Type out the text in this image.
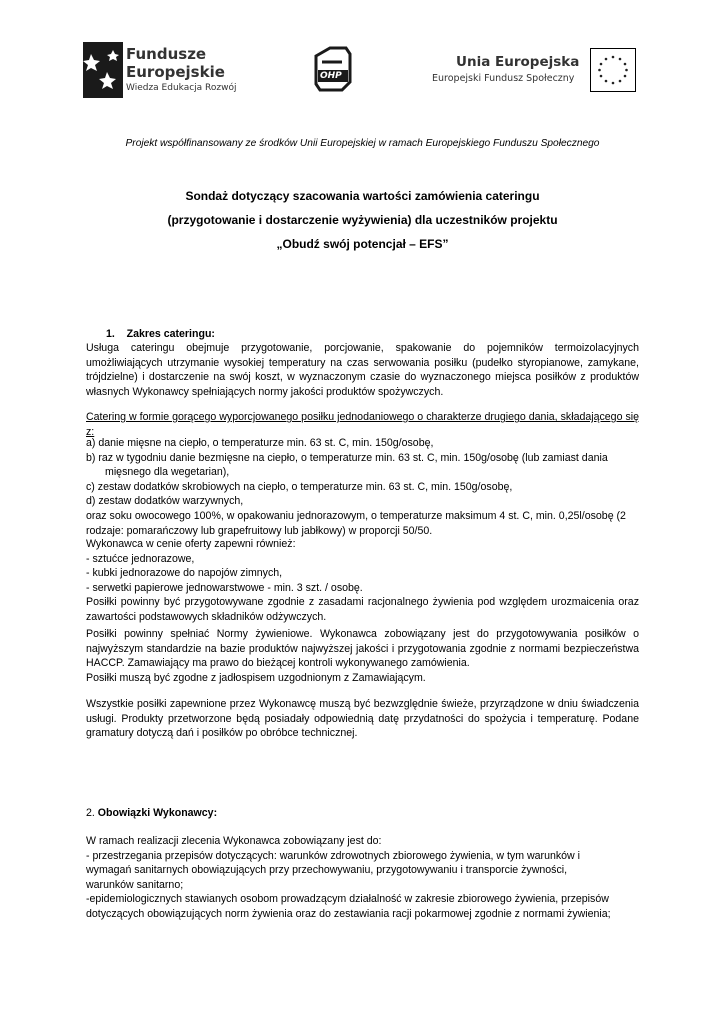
Fundusze
Europejskie
Wiedza Edukacja Rozwój
OHP
Unia Europejska
Europejski Fundusz Społeczny
Projekt współfinansowany ze środków Unii Europejskiej w ramach Europejskiego Funduszu Społecznego
Sondaż dotyczący szacowania wartości zamówienia cateringu
(przygotowanie i dostarczenie wyżywienia) dla uczestników projektu
„Obudź swój potencjał – EFS”
1. Zakres cateringu:
Usługa cateringu obejmuje przygotowanie, porcjowanie, spakowanie do pojemników termoizolacyjnych umożliwiających utrzymanie wysokiej temperatury na czas serwowania posiłku (pudełko styropianowe, zamykane, trójdzielne) i dostarczenie na swój koszt, w wyznaczonym czasie do wyznaczonego miejsca posiłków z produktów własnych Wykonawcy spełniających normy jakości produktów spożywczych.
Catering w formie gorącego wyporcjowanego posiłku jednodaniowego o charakterze drugiego dania, składającego się z:
a) danie mięsne na ciepło, o temperaturze min. 63 st. C, min. 150g/osobę,
b) raz w tygodniu danie bezmięsne na ciepło, o temperaturze min. 63 st. C, min. 150g/osobę (lub zamiast dania mięsnego dla wegetarian),
c) zestaw dodatków skrobiowych na ciepło, o temperaturze min. 63 st. C, min. 150g/osobę,
d) zestaw dodatków warzywnych,
oraz soku owocowego 100%, w opakowaniu jednorazowym, o temperaturze maksimum 4 st. C, min. 0,25l/osobę (2 rodzaje: pomarańczowy lub grapefruitowy lub jabłkowy) w proporcji 50/50.
Wykonawca w cenie oferty zapewni również:
- sztućce jednorazowe,
- kubki jednorazowe do napojów zimnych,
- serwetki papierowe jednowarstwowe - min. 3 szt. / osobę.
Posiłki powinny być przygotowywane zgodnie z zasadami racjonalnego żywienia pod względem urozmaicenia oraz zawartości podstawowych składników odżywczych.
Posiłki powinny spełniać Normy żywieniowe. Wykonawca zobowiązany jest do przygotowywania posiłków o najwyższym standardzie na bazie produktów najwyższej jakości i przygotowania zgodnie z normami bezpieczeństwa HACCP. Zamawiający ma prawo do bieżącej kontroli wykonywanego zamówienia.
Posiłki muszą być zgodne z jadłospisem uzgodnionym z Zamawiającym.
Wszystkie posiłki zapewnione przez Wykonawcę muszą być bezwzględnie świeże, przyrządzone w dniu świadczenia usługi. Produkty przetworzone będą posiadały odpowiednią datę przydatności do spożycia i temperaturę. Podane gramatury dotyczą dań i posiłków po obróbce technicznej.
2. Obowiązki Wykonawcy:
W ramach realizacji zlecenia Wykonawca zobowiązany jest do:
- przestrzegania przepisów dotyczących: warunków zdrowotnych zbiorowego żywienia, w tym warunków i wymagań sanitarnych obowiązujących przy przechowywaniu, przygotowywaniu i transporcie żywności, warunków sanitarno;
-epidemiologicznych stawianych osobom prowadzącym działalność w zakresie zbiorowego żywienia, przepisów dotyczących obowiązujących norm żywienia oraz do zestawiania racji pokarmowej zgodnie z normami żywienia;
